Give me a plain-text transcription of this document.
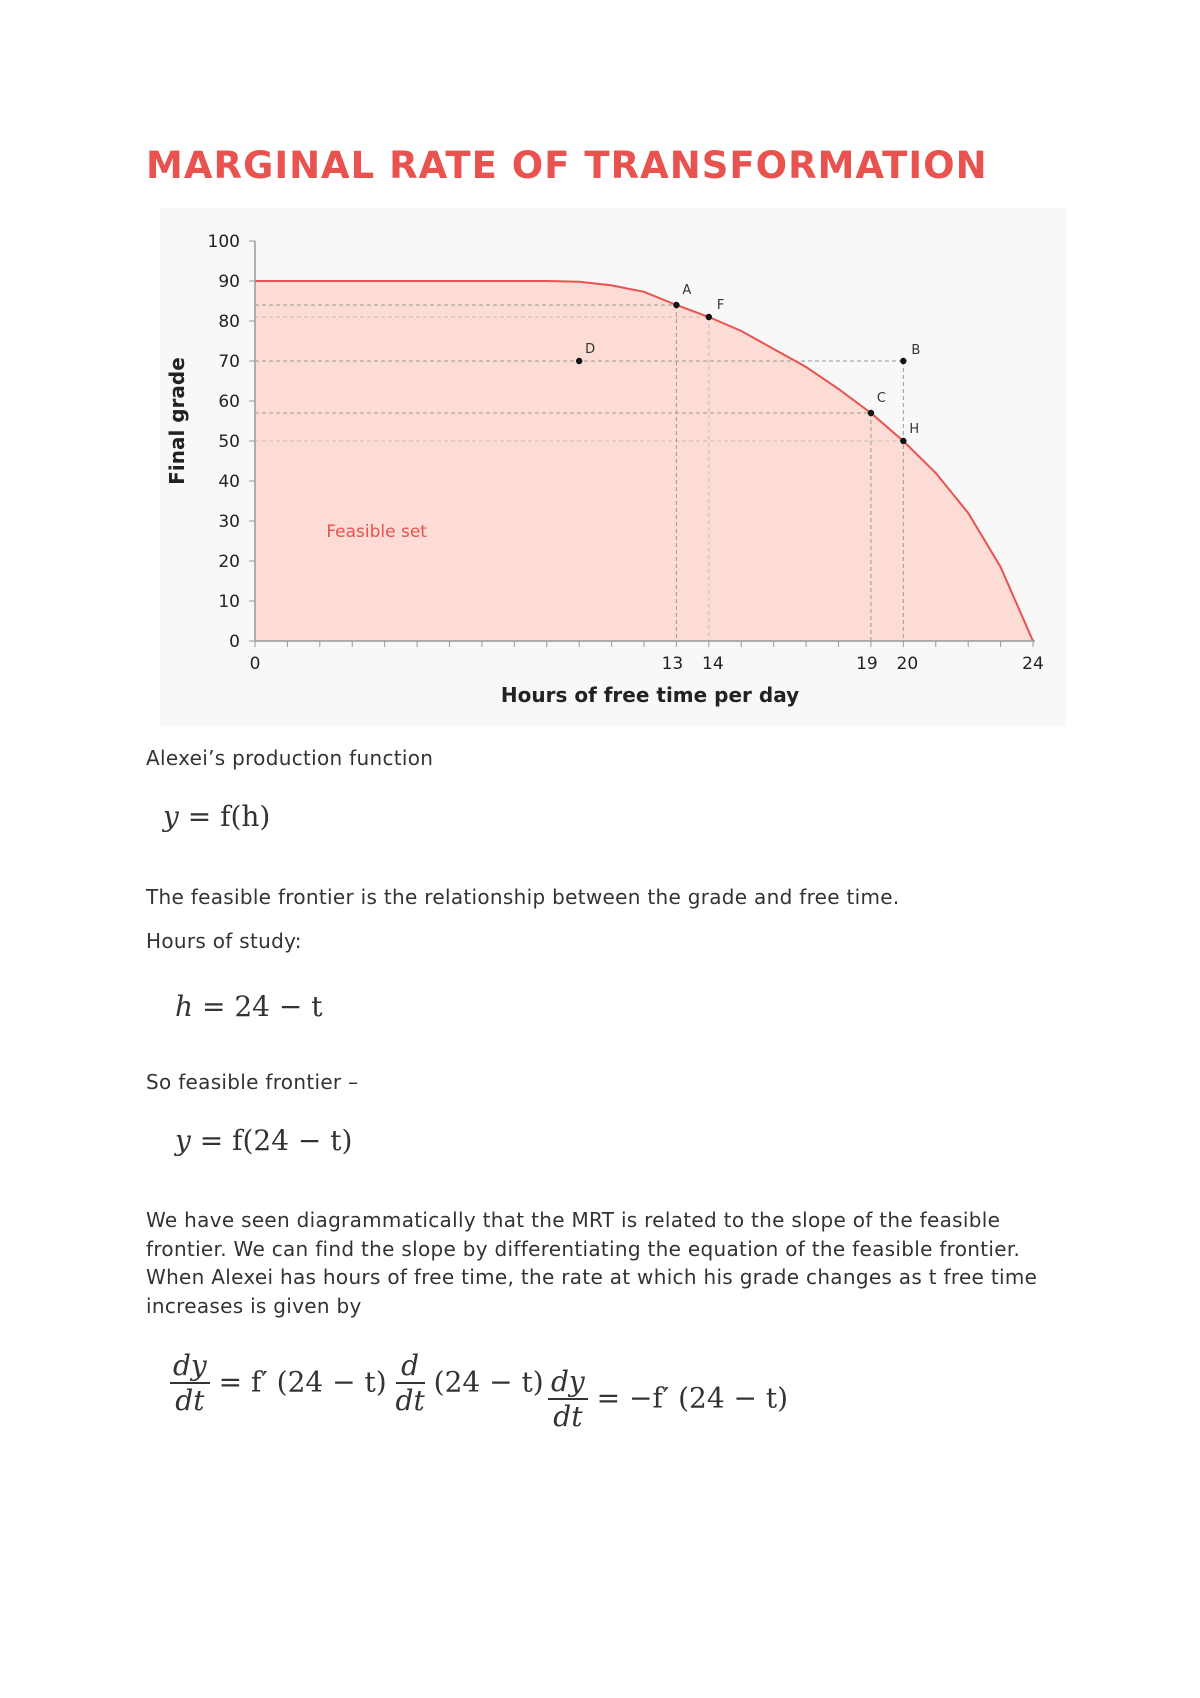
MARGINAL RATE OF TRANSFORMATION
0
10
20
30
40
50
60
70
80
90
100
0	13 14	19 20	24
A
F
D	B
C
H
Feasible set
Hours of free time per day
Final grade

Alexei’s production function

y = f(h)

The feasible frontier is the relationship between the grade and free time.

Hours of study:

h = 24 − t

So feasible frontier –

y = f(24 − t)

We have seen diagrammatically that the MRT is related to the slope of the feasible frontier. We can find the slope by differentiating the equation of the feasible frontier. When Alexei has hours of free time, the rate at which his grade changes as t free time increases is given by

$\frac{dy}{dt} = f'$ $(24 - t) \frac{d}{dt} (24 - t) \frac{dy}{dt} = -f'$ (24 − t)
